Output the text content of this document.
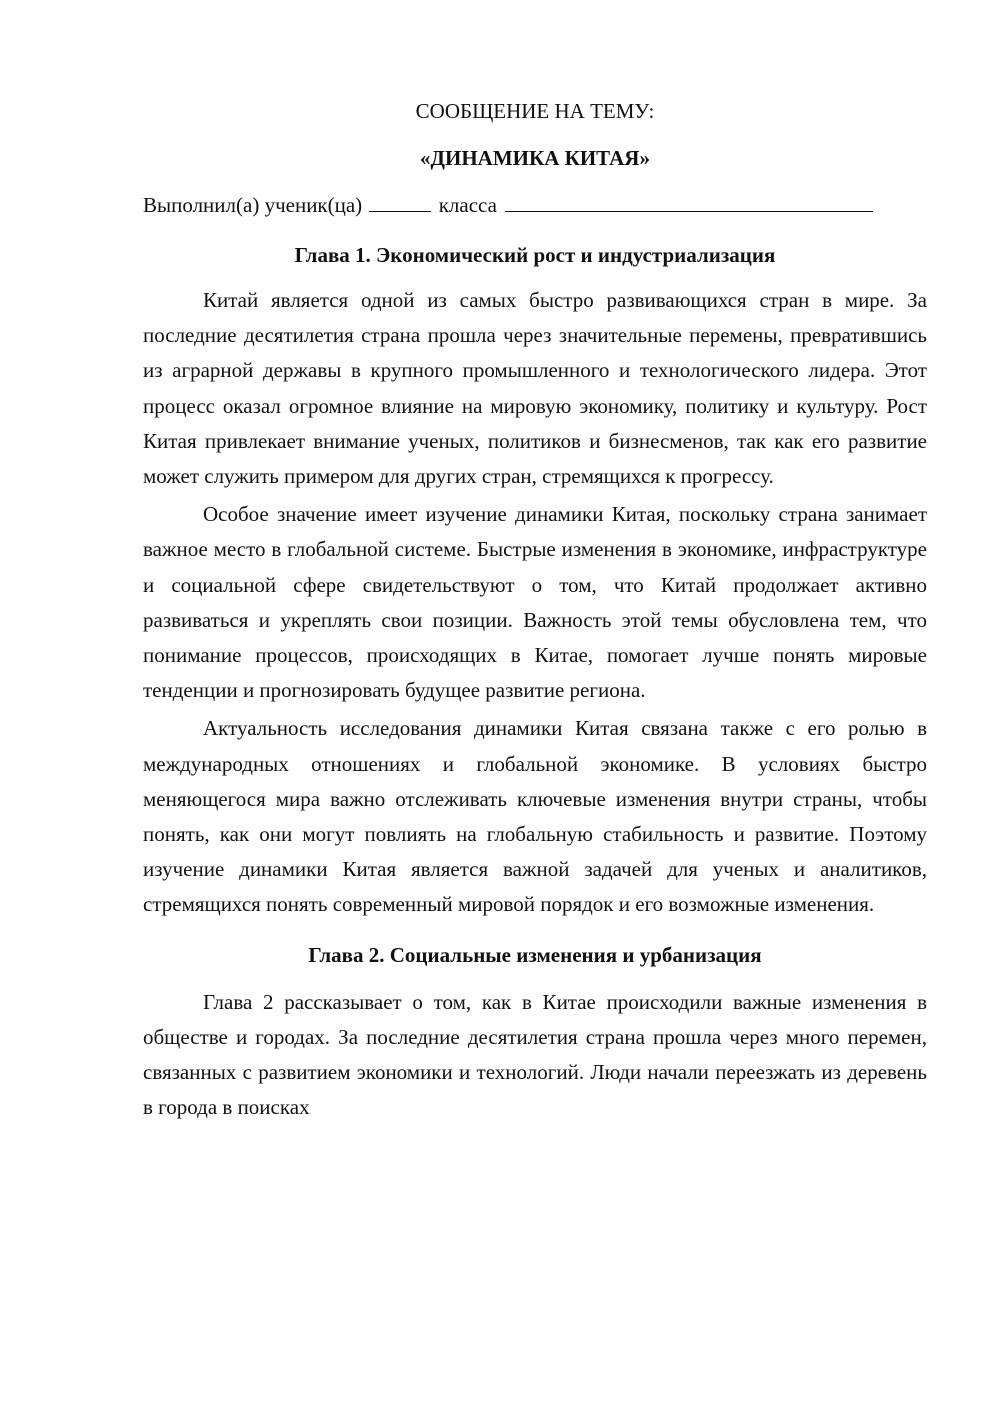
СООБЩЕНИЕ НА ТЕМУ:

«ДИНАМИКА КИТАЯ»

Выполнил(а) ученик(ца)	класса

Глава 1. Экономический рост и индустриализация

Китай является одной из самых быстро развивающихся стран в мире. За последние десятилетия страна прошла через значительные перемены, превратившись из аграрной державы в крупного промышленного и технологического лидера. Этот процесс оказал огромное влияние на мировую экономику, политику и культуру. Рост Китая привлекает внимание ученых, политиков и бизнесменов, так как его развитие может служить примером для других стран, стремящихся к прогрессу.

Особое значение имеет изучение динамики Китая, поскольку страна занимает важное место в глобальной системе. Быстрые изменения в экономике, инфраструктуре и социальной сфере свидетельствуют о том, что Китай продолжает активно развиваться и укреплять свои позиции. Важность этой темы обусловлена тем, что понимание процессов, происходящих в Китае, помогает лучше понять мировые тенденции и прогнозировать будущее развитие региона.

Актуальность исследования динамики Китая связана также с его ролью в международных отношениях и глобальной экономике. В условиях быстро меняющегося мира важно отслеживать ключевые изменения внутри страны, чтобы понять, как они могут повлиять на глобальную стабильность и развитие. Поэтому изучение динамики Китая является важной задачей для ученых и аналитиков, стремящихся понять современный мировой порядок и его возможные изменения.

Глава 2. Социальные изменения и урбанизация

Глава 2 рассказывает о том, как в Китае происходили важные изменения в обществе и городах. За последние десятилетия страна прошла через много перемен, связанных с развитием экономики и технологий. Люди начали переезжать из деревень в города в поисках
